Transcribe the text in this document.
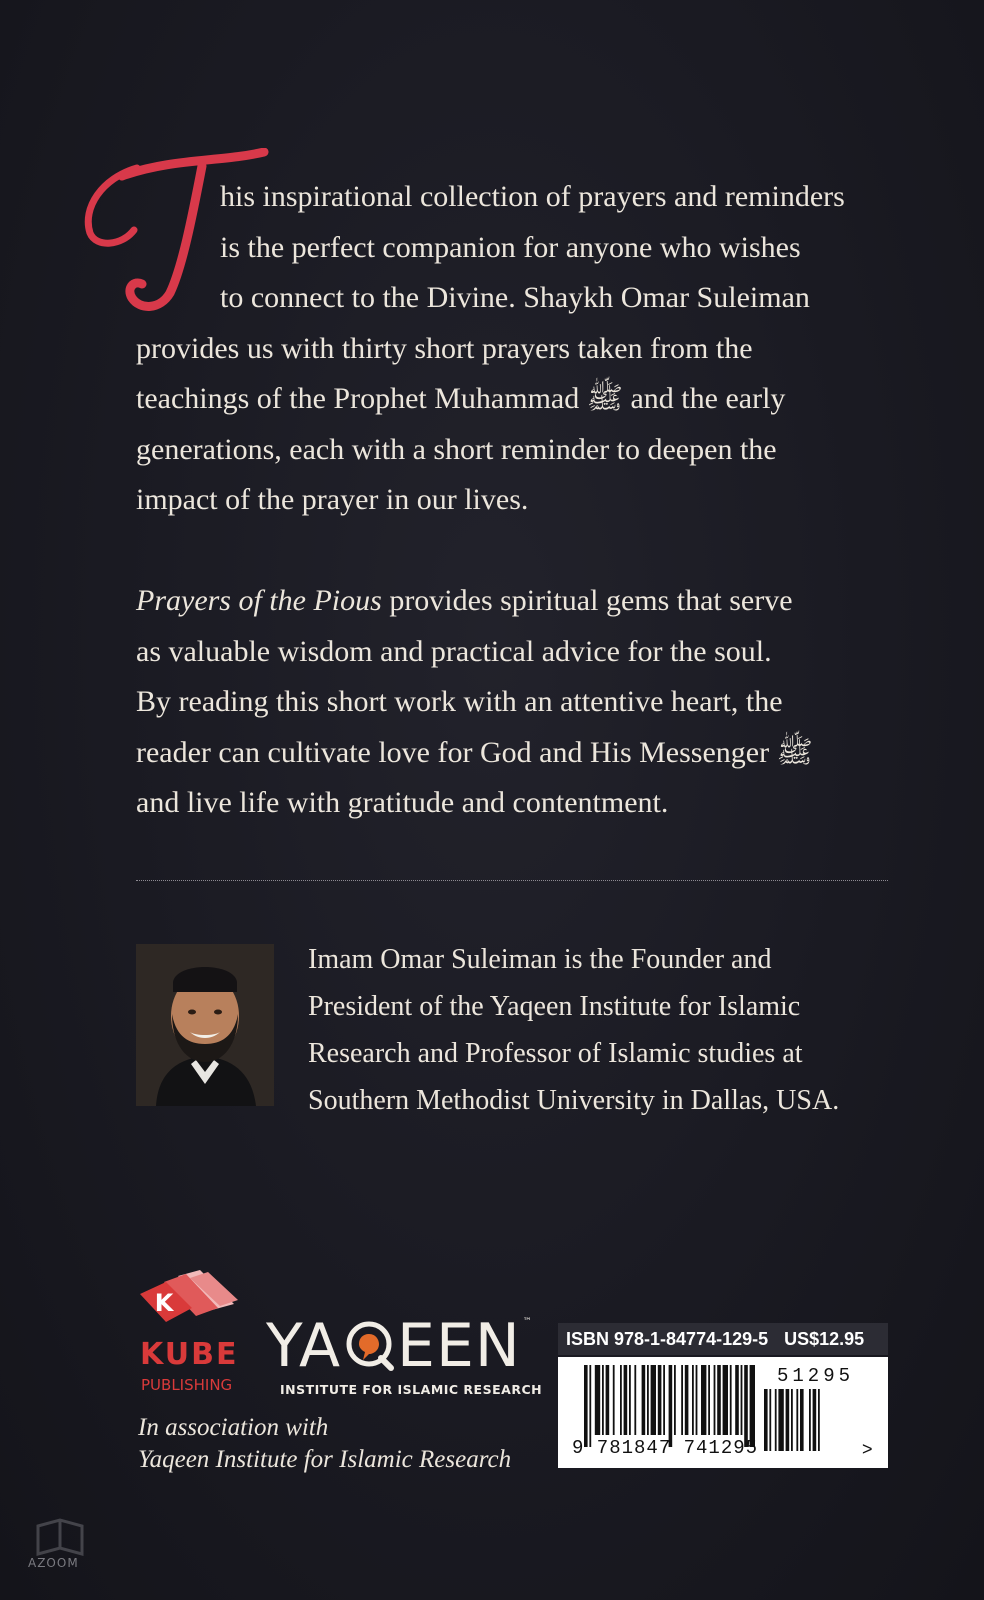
his inspirational collection of prayers and reminders
is the perfect companion for anyone who wishes
to connect to the Divine. Shaykh Omar Suleiman
provides us with thirty short prayers taken from the
teachings of the Prophet Muhammad ﷺ and the early
generations, each with a short reminder to deepen the
impact of the prayer in our lives.

Prayers of the Pious provides spiritual gems that serve
as valuable wisdom and practical advice for the soul.
By reading this short work with an attentive heart, the
reader can cultivate love for God and His Messenger ﷺ
and live life with gratitude and contentment.

Imam Omar Suleiman is the Founder and
President of the Yaqeen Institute for Islamic
Research and Professor of Islamic studies at
Southern Methodist University in Dallas, USA.

K
KUBE
PUBLISHING
YA EEN ™
INSTITUTE FOR ISLAMIC RESEARCH

In association with
Yaqeen Institute for Islamic Research

ISBN 978-1-84774-129-5 US$12.95
9 781847 741295
51295
>
AZOOM
